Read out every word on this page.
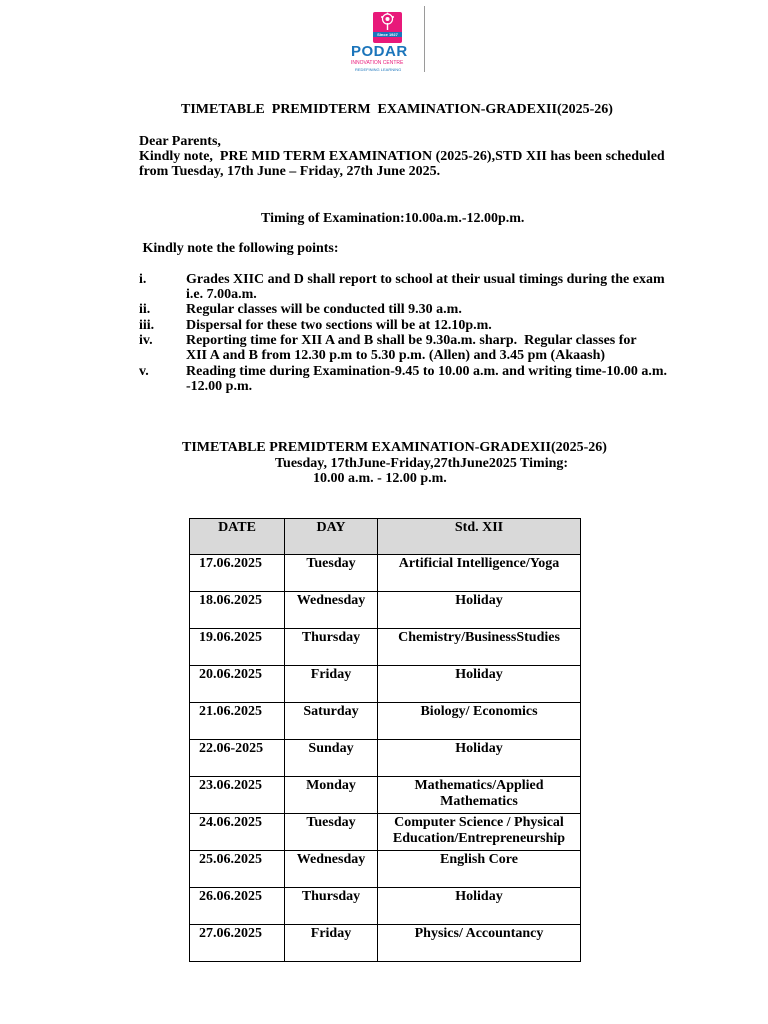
Since 1927
PODAR
INNOVATION CENTRE
REDEFINING LEARNING
TIMETABLE  PREMIDTERM  EXAMINATION-GRADEXII(2025-26)
Dear Parents,
Kindly note,  PRE MID TERM EXAMINATION (2025-26),STD XII has been scheduled
from Tuesday, 17th June – Friday, 27th June 2025.
Timing of Examination:10.00a.m.-12.00p.m.
Kindly note the following points:
i.	Grades XIIC and D shall report to school at their usual timings during the exam
i.e. 7.00a.m.
ii.	Regular classes will be conducted till 9.30 a.m.
iii. Dispersal for these two sections will be at 12.10p.m.
iv. Reporting time for XII A and B shall be 9.30a.m. sharp.  Regular classes for
XII A and B from 12.30 p.m to 5.30 p.m. (Allen) and 3.45 pm (Akaash)
v.	Reading time during Examination-9.45 to 10.00 a.m. and writing time-10.00 a.m.
-12.00 p.m.
TIMETABLE PREMIDTERM EXAMINATION-GRADEXII(2025-26)
Tuesday, 17thJune-Friday,27thJune2025 Timing:
10.00 a.m. - 12.00 p.m.
DATE	DAY	Std. XII
17.06.2025	Tuesday	Artificial Intelligence/Yoga
18.06.2025	Wednesday	Holiday
19.06.2025	Thursday	Chemistry/BusinessStudies
20.06.2025	Friday	Holiday
21.06.2025	Saturday	Biology/ Economics
22.06-2025	Sunday	Holiday
23.06.2025	Monday	Mathematics/Applied Mathematics
24.06.2025	Tuesday	Computer Science / Physical Education/Entrepreneurship
25.06.2025	Wednesday	English Core
26.06.2025	Thursday	Holiday
27.06.2025	Friday	Physics/ Accountancy
